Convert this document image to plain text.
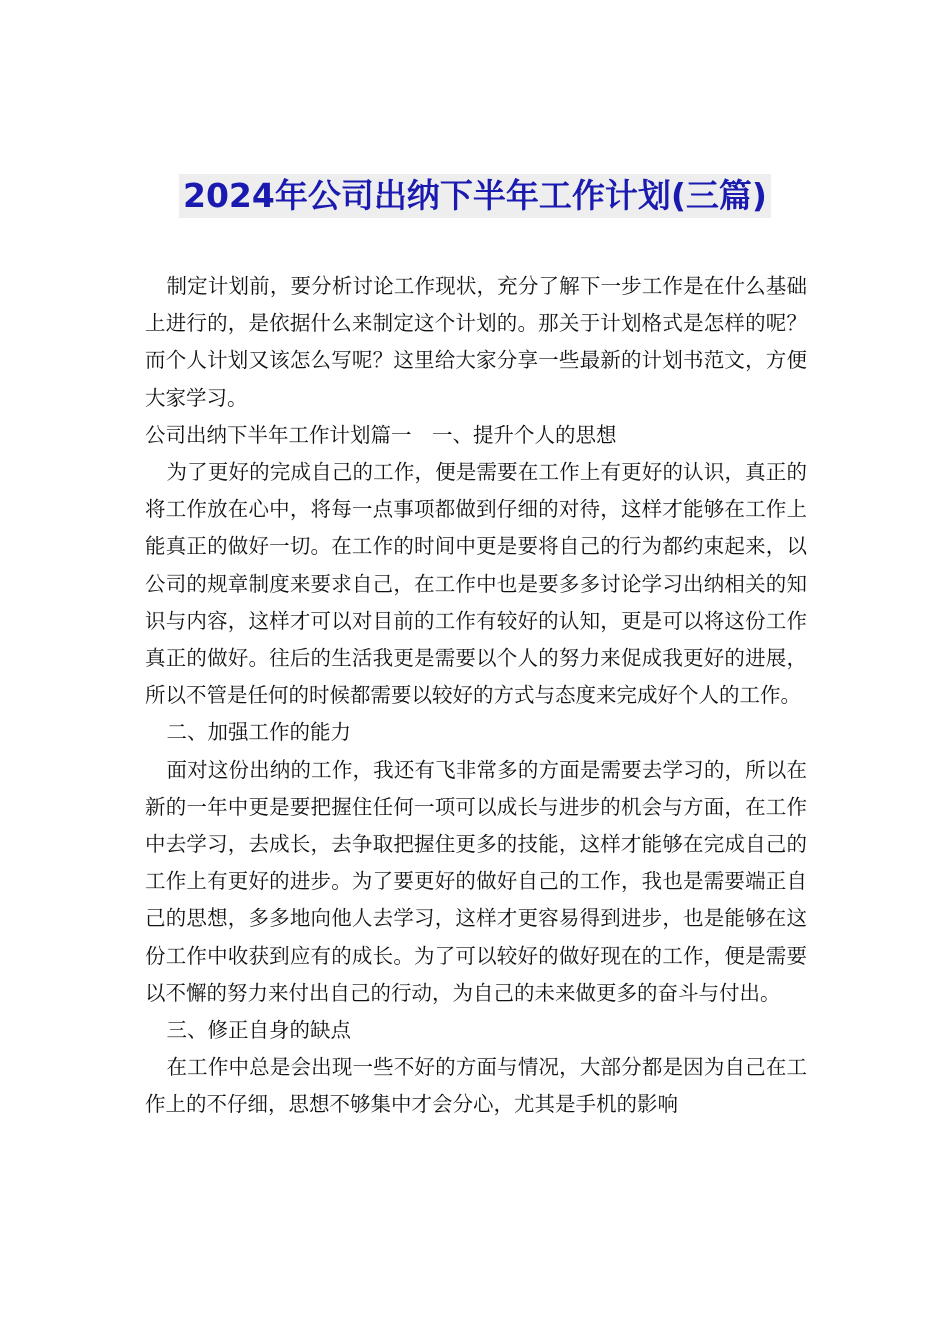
2024年公司出纳下半年工作计划(三篇)

制定计划前，要分析讨论工作现状，充分了解下一步工作是在什么基础上进行的，是依据什么来制定这个计划的。那关于计划格式是怎样的呢？而个人计划又该怎么写呢？这里给大家分享一些最新的计划书范文，方便大家学习。

公司出纳下半年工作计划篇一　一、提升个人的思想

为了更好的完成自己的工作，便是需要在工作上有更好的认识，真正的将工作放在心中，将每一点事项都做到仔细的对待，这样才能够在工作上能真正的做好一切。在工作的时间中更是要将自己的行为都约束起来，以公司的规章制度来要求自己，在工作中也是要多多讨论学习出纳相关的知识与内容，这样才可以对目前的工作有较好的认知，更是可以将这份工作真正的做好。往后的生活我更是需要以个人的努力来促成我更好的进展，所以不管是任何的时候都需要以较好的方式与态度来完成好个人的工作。

二、加强工作的能力

面对这份出纳的工作，我还有飞非常多的方面是需要去学习的，所以在新的一年中更是要把握住任何一项可以成长与进步的机会与方面，在工作中去学习，去成长，去争取把握住更多的技能，这样才能够在完成自己的工作上有更好的进步。为了要更好的做好自己的工作，我也是需要端正自己的思想，多多地向他人去学习，这样才更容易得到进步，也是能够在这份工作中收获到应有的成长。为了可以较好的做好现在的工作，便是需要以不懈的努力来付出自己的行动，为自己的未来做更多的奋斗与付出。

三、修正自身的缺点

在工作中总是会出现一些不好的方面与情况，大部分都是因为自己在工作上的不仔细，思想不够集中才会分心，尤其是手机的影响
